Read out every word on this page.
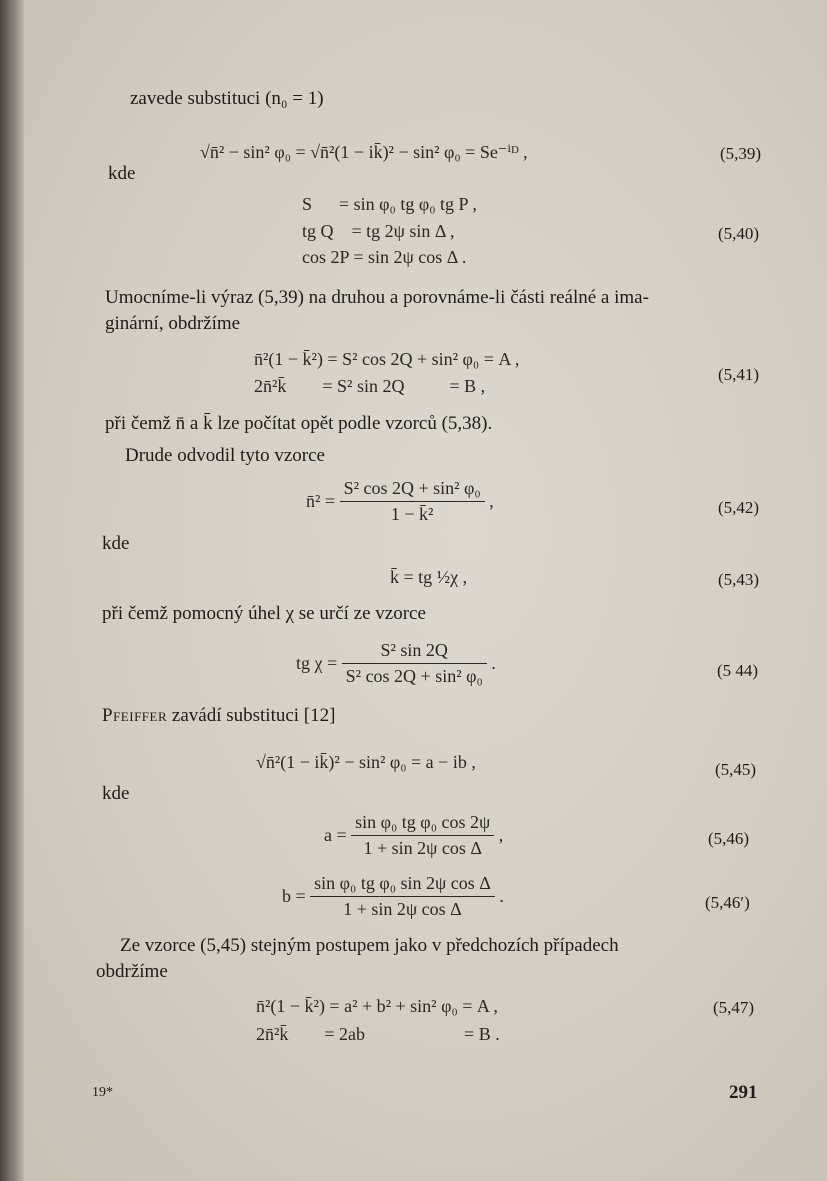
zavede substituci (n₀ = 1)
√n̄² − sin² φ₀ = √n̄²(1 − ik̄)² − sin² φ₀ = Se⁻ⁱᴰ ,	(5,39)
kde
S      = sin φ₀ tg φ₀ tg P ,
tg Q    = tg 2ψ sin Δ ,
cos 2P = sin 2ψ cos Δ .
(5,40)
Umocníme-li výraz (5,39) na druhou a porovnáme-li části reálné a ima-
ginární, obdržíme
n̄²(1 − k̄²) = S² cos 2Q + sin² φ₀ = A ,
2n̄²k̄        = S² sin 2Q          = B ,
(5,41)
při čemž n̄ a k̄ lze počítat opět podle vzorců (5,38).
Drude odvodil tyto vzorce
n̄² = $\frac{\text{S² cos 2Q + sin² φ₀}}{\text{1 − k̄²}}$ ,	(5,42)
kde
k̄ = tg ½χ ,	(5,43)
při čemž pomocný úhel χ se určí ze vzorce
tg $\chi = \frac{\text{S² sin 2Q}}{\text{S² cos 2Q + sin² φ₀}}$ .	(5 44)
Pfeiffer zavádí substituci [12]
√n̄²(1 − ik̄)² − sin² φ₀ = a − ib ,	(5,45)
kde
$a = \frac{\text{sin φ₀ tg φ₀ cos 2ψ}}{\text{1 + sin 2ψ cos Δ}}$ ,	(5,46)
$b = \frac{\text{sin φ₀ tg φ₀ sin 2ψ cos Δ}}{\text{1 + sin 2ψ cos Δ}}$ .	(5,46′)
Ze vzorce (5,45) stejným postupem jako v předchozích případech
obdržíme
n̄²(1 − k̄²) = a² + b² + sin² φ₀ = A ,
2n̄²k̄        = 2ab                      = B .
(5,47)
19*	291
